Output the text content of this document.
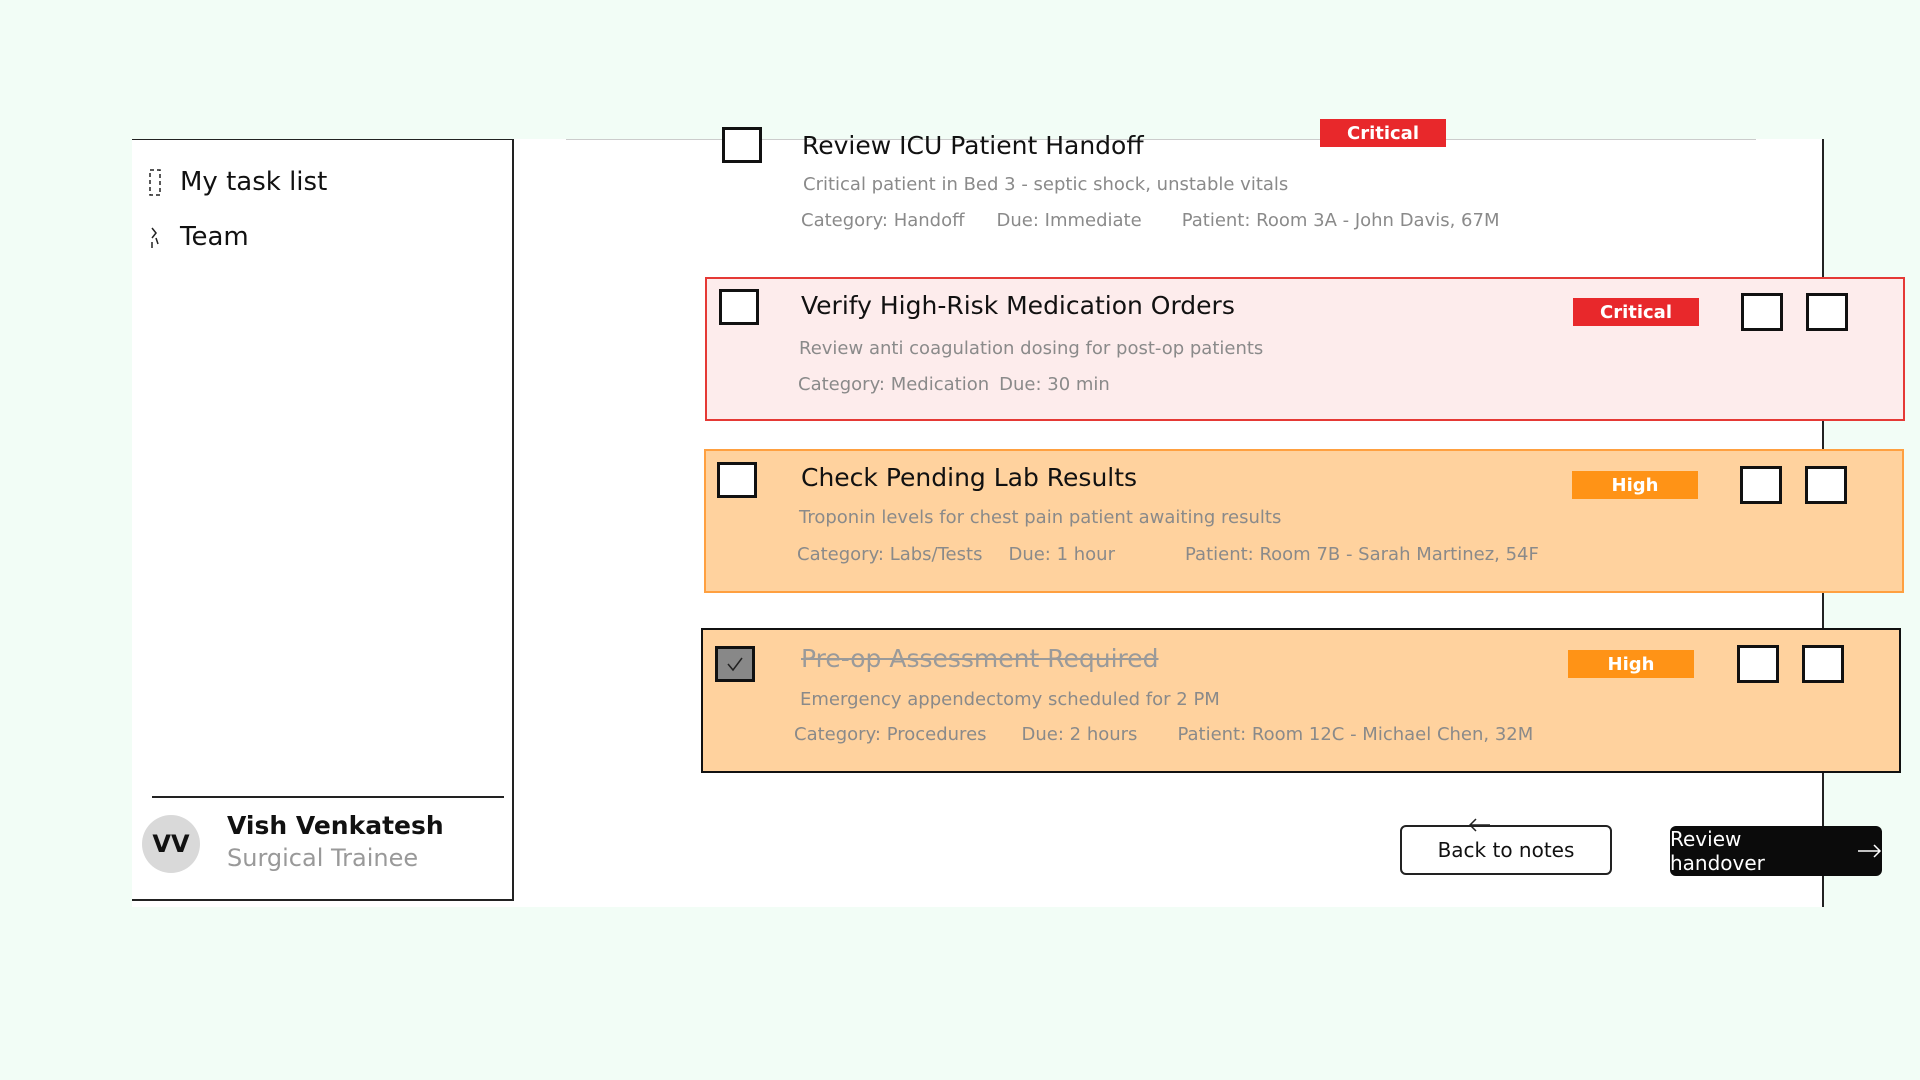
My task list
Team
VV
Vish Venkatesh
Surgical Trainee
Review ICU Patient Handoff	Critical
Critical patient in Bed 3 - septic shock, unstable vitals
Category: Handoff Due: Immediate Patient: Room 3A - John Davis, 67M
Verify High-Risk Medication Orders
Review anti coagulation dosing for post-op patients
Category: Medication Due: 30 min
Critical
Check Pending Lab Results
Troponin levels for chest pain patient awaiting results
Category: Labs/Tests Due: 1 hour	Patient: Room 7B - Sarah Martinez, 54F
High
Pre-op Assessment Required
Emergency appendectomy scheduled for 2 PM
Category: Procedures Due: 2 hours Patient: Room 12C - Michael Chen, 32M
High
Back to notes	Review handover
